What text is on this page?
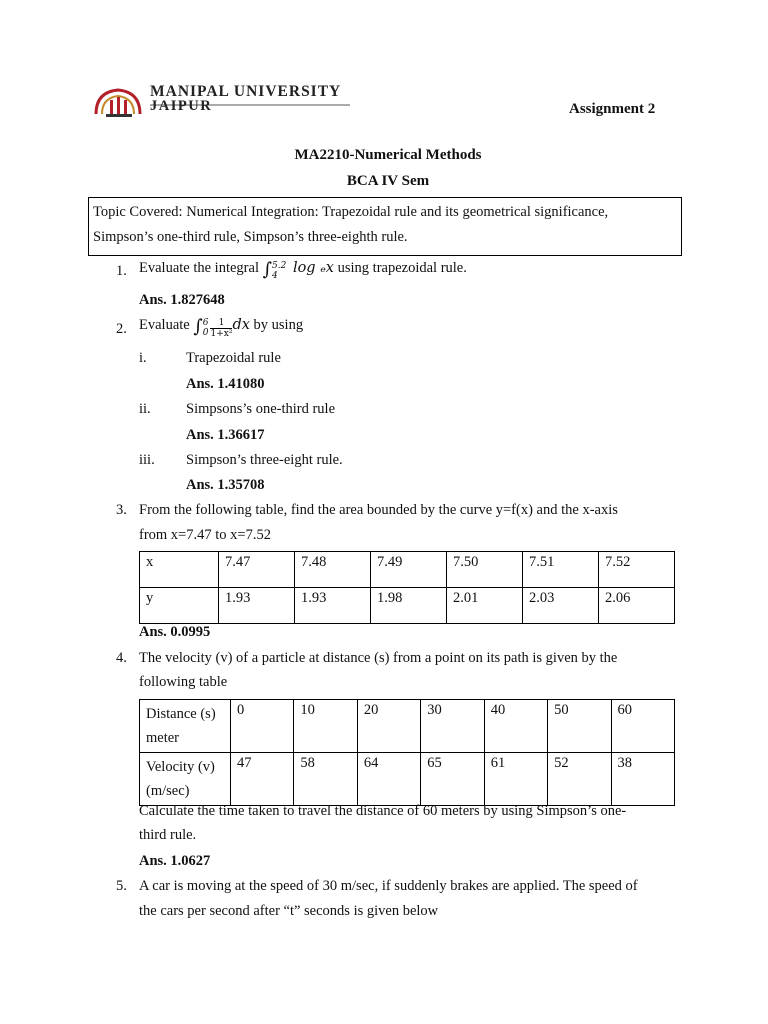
MANIPAL UNIVERSITY
JAIPUR	Assignment 2
MA2210-Numerical Methods
BCA IV Sem
Topic Covered: Numerical Integration: Trapezoidal rule and its geometrical significance,
Simpson’s one-third rule, Simpson’s three-eighth rule.
1. Evaluate the integral ∫5.2
4 log ₑx using trapezoidal rule.
Ans. 1.827648
2. Evaluate ∫6
$0 \frac{1}{\text{1+x²}}$ dx by using
i.	Trapezoidal rule
Ans. 1.41080
ii. Simpsons’s one-third rule
Ans. 1.36617
iii. Simpson’s three-eight rule.
Ans. 1.35708
3. From the following table, find the area bounded by the curve y=f(x) and the x-axis
from x=7.47 to x=7.52
x	7.47	7.48	7.49	7.50	7.51	7.52
y	1.93	1.93	1.98	2.01	2.03	2.06
Ans. 0.0995
4. The velocity (v) of a particle at distance (s) from a point on its path is given by the
following table
Distance (s)
meter	0	10	20	30	40	50	60

Velocity (v)
(m/sec)	47	58	64	65	61	52	38
Calculate the time taken to travel the distance of 60 meters by using Simpson’s one-
third rule.
Ans. 1.0627
5. A car is moving at the speed of 30 m/sec, if suddenly brakes are applied. The speed of
the cars per second after “t” seconds is given below
